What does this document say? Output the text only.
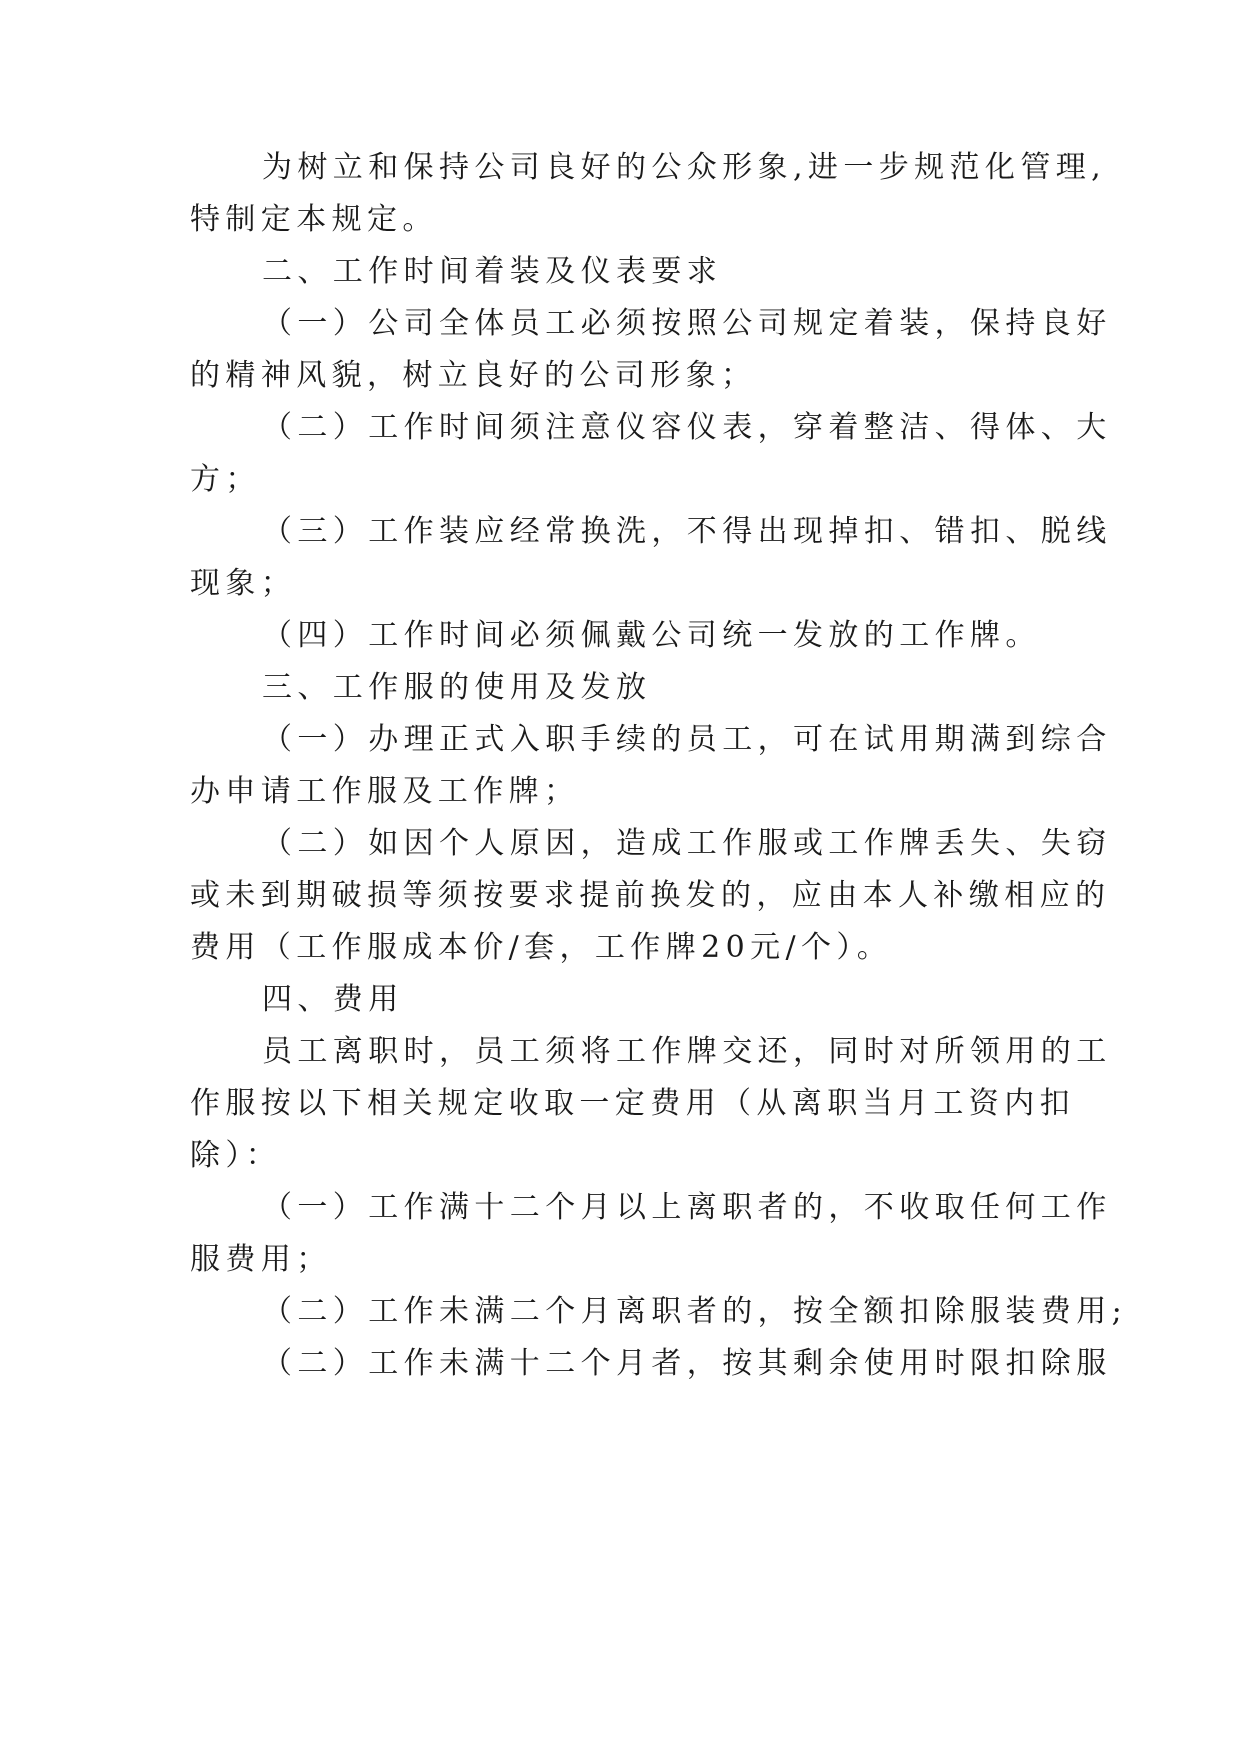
为树立和保持公司良好的公众形象,进一步规范化管理,
特制定本规定。
二、工作时间着装及仪表要求
（一）公司全体员工必须按照公司规定着装，保持良好
的精神风貌，树立良好的公司形象；
（二）工作时间须注意仪容仪表，穿着整洁、得体、大
方；
（三）工作装应经常换洗，不得出现掉扣、错扣、脱线
现象；
（四）工作时间必须佩戴公司统一发放的工作牌。
三、工作服的使用及发放
（一）办理正式入职手续的员工，可在试用期满到综合
办申请工作服及工作牌；
（二）如因个人原因，造成工作服或工作牌丢失、失窃
或未到期破损等须按要求提前换发的，应由本人补缴相应的
费用（工作服成本价/套，工作牌20元/个）。
四、费用
员工离职时，员工须将工作牌交还，同时对所领用的工
作服按以下相关规定收取一定费用（从离职当月工资内扣
除）：
（一）工作满十二个月以上离职者的，不收取任何工作
服费用；
（二）工作未满二个月离职者的，按全额扣除服装费用;
（二）工作未满十二个月者，按其剩余使用时限扣除服
